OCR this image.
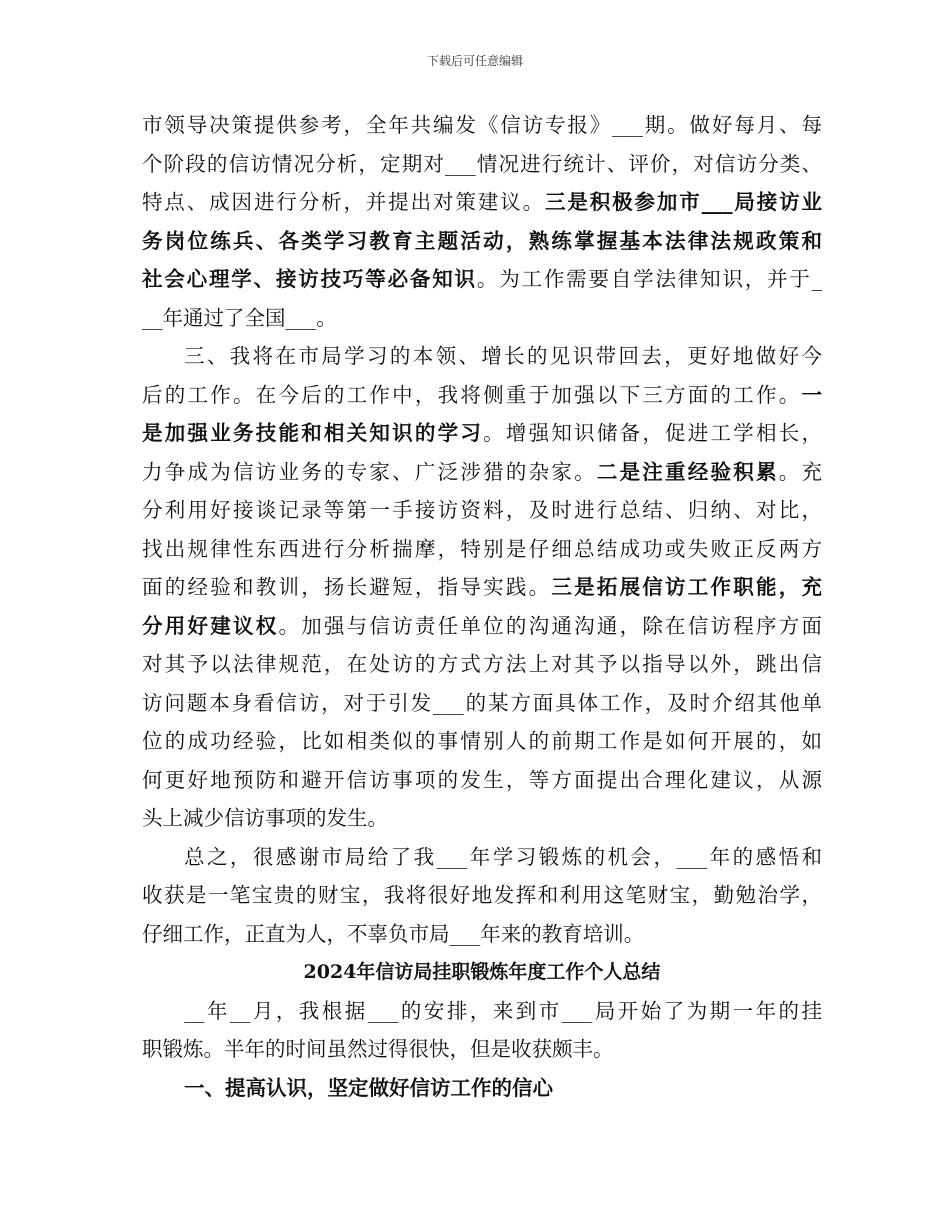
下载后可任意编辑
市领导决策提供参考，全年共编发《信访专报》___期。做好每月、每
个阶段的信访情况分析，定期对___情况进行统计、评价，对信访分类、
特点、成因进行分析，并提出对策建议。三是积极参加市___局接访业
务岗位练兵、各类学习教育主题活动，熟练掌握基本法律法规政策和
社会心理学、接访技巧等必备知识。为工作需要自学法律知识，并于_
__年通过了全国___。
三、我将在市局学习的本领、增长的见识带回去，更好地做好今
后的工作。在今后的工作中，我将侧重于加强以下三方面的工作。一
是加强业务技能和相关知识的学习。增强知识储备，促进工学相长，
力争成为信访业务的专家、广泛涉猎的杂家。二是注重经验积累。充
分利用好接谈记录等第一手接访资料，及时进行总结、归纳、对比，
找出规律性东西进行分析揣摩，特别是仔细总结成功或失败正反两方
面的经验和教训，扬长避短，指导实践。三是拓展信访工作职能，充
分用好建议权。加强与信访责任单位的沟通沟通，除在信访程序方面
对其予以法律规范，在处访的方式方法上对其予以指导以外，跳出信
访问题本身看信访，对于引发___的某方面具体工作，及时介绍其他单
位的成功经验，比如相类似的事情别人的前期工作是如何开展的，如
何更好地预防和避开信访事项的发生，等方面提出合理化建议，从源
头上减少信访事项的发生。
总之，很感谢市局给了我___年学习锻炼的机会，___年的感悟和
收获是一笔宝贵的财宝，我将很好地发挥和利用这笔财宝，勤勉治学，
仔细工作，正直为人，不辜负市局___年来的教育培训。
2024年信访局挂职锻炼年度工作个人总结
__年__月，我根据___的安排，来到市___局开始了为期一年的挂
职锻炼。半年的时间虽然过得很快，但是收获颇丰。
一、提高认识，坚定做好信访工作的信心
